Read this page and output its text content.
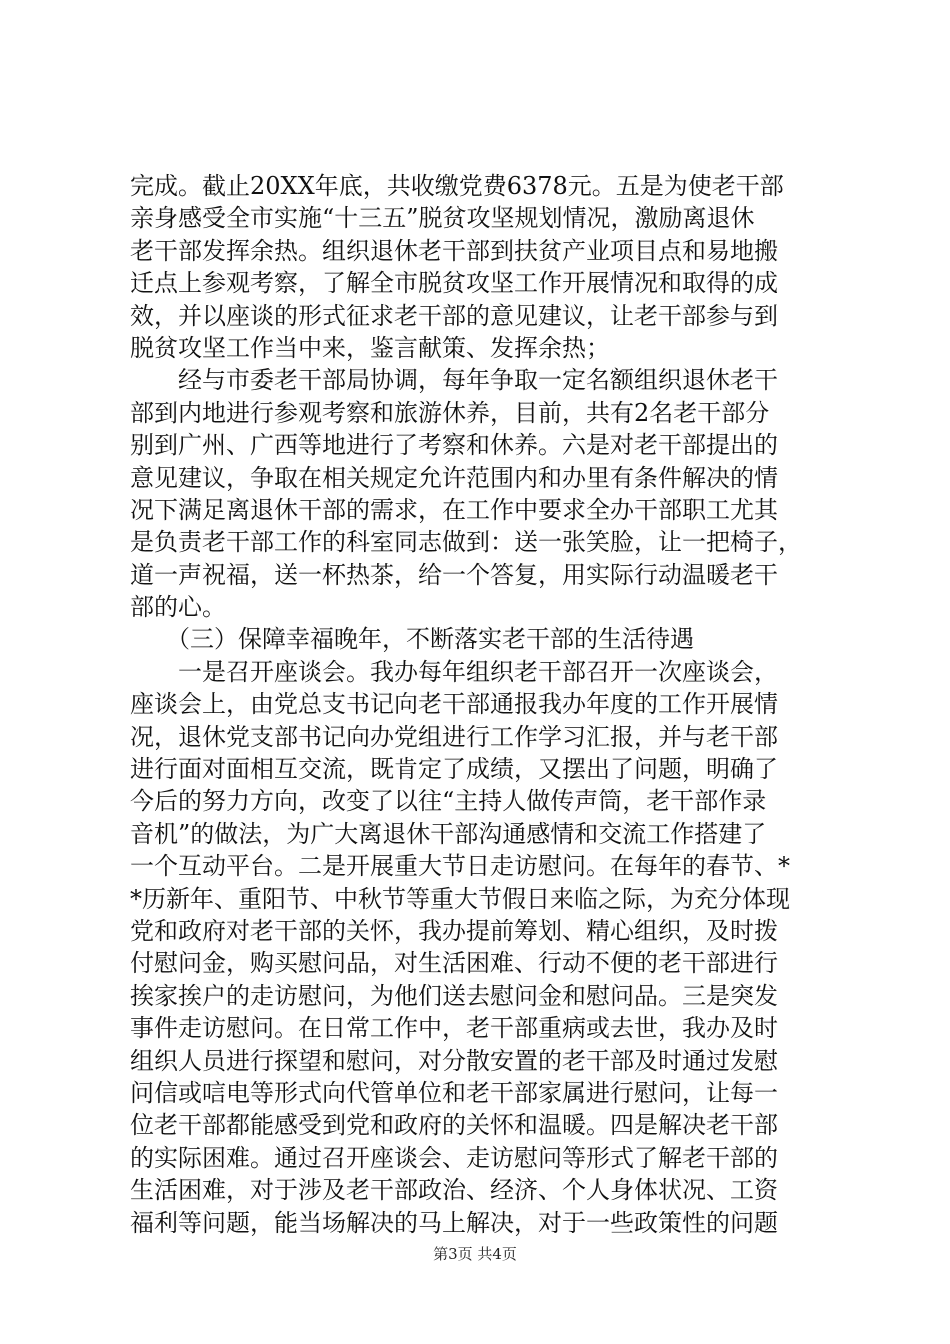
完成。截止20XX年底，共收缴党费6378元。五是为使老干部
亲身感受全市实施“十三五”脱贫攻坚规划情况，激励离退休
老干部发挥余热。组织退休老干部到扶贫产业项目点和易地搬
迁点上参观考察，了解全市脱贫攻坚工作开展情况和取得的成
效，并以座谈的形式征求老干部的意见建议，让老干部参与到
脱贫攻坚工作当中来，鉴言献策、发挥余热；
　　经与市委老干部局协调，每年争取一定名额组织退休老干
部到内地进行参观考察和旅游休养，目前，共有2名老干部分
别到广州、广西等地进行了考察和休养。六是对老干部提出的
意见建议，争取在相关规定允许范围内和办里有条件解决的情
况下满足离退休干部的需求，在工作中要求全办干部职工尤其
是负责老干部工作的科室同志做到：送一张笑脸，让一把椅子，
道一声祝福，送一杯热茶，给一个答复，用实际行动温暖老干
部的心。
　　（三）保障幸福晚年，不断落实老干部的生活待遇
　　一是召开座谈会。我办每年组织老干部召开一次座谈会，
座谈会上，由党总支书记向老干部通报我办年度的工作开展情
况，退休党支部书记向办党组进行工作学习汇报，并与老干部
进行面对面相互交流，既肯定了成绩，又摆出了问题，明确了
今后的努力方向，改变了以往“主持人做传声筒，老干部作录
音机”的做法，为广大离退休干部沟通感情和交流工作搭建了
一个互动平台。二是开展重大节日走访慰问。在每年的春节、*
*历新年、重阳节、中秋节等重大节假日来临之际，为充分体现
党和政府对老干部的关怀，我办提前筹划、精心组织，及时拨
付慰问金，购买慰问品，对生活困难、行动不便的老干部进行
挨家挨户的走访慰问，为他们送去慰问金和慰问品。三是突发
事件走访慰问。在日常工作中，老干部重病或去世，我办及时
组织人员进行探望和慰问，对分散安置的老干部及时通过发慰
问信或唁电等形式向代管单位和老干部家属进行慰问，让每一
位老干部都能感受到党和政府的关怀和温暖。四是解决老干部
的实际困难。通过召开座谈会、走访慰问等形式了解老干部的
生活困难，对于涉及老干部政治、经济、个人身体状况、工资
福利等问题，能当场解决的马上解决，对于一些政策性的问题
第3页 共4页
